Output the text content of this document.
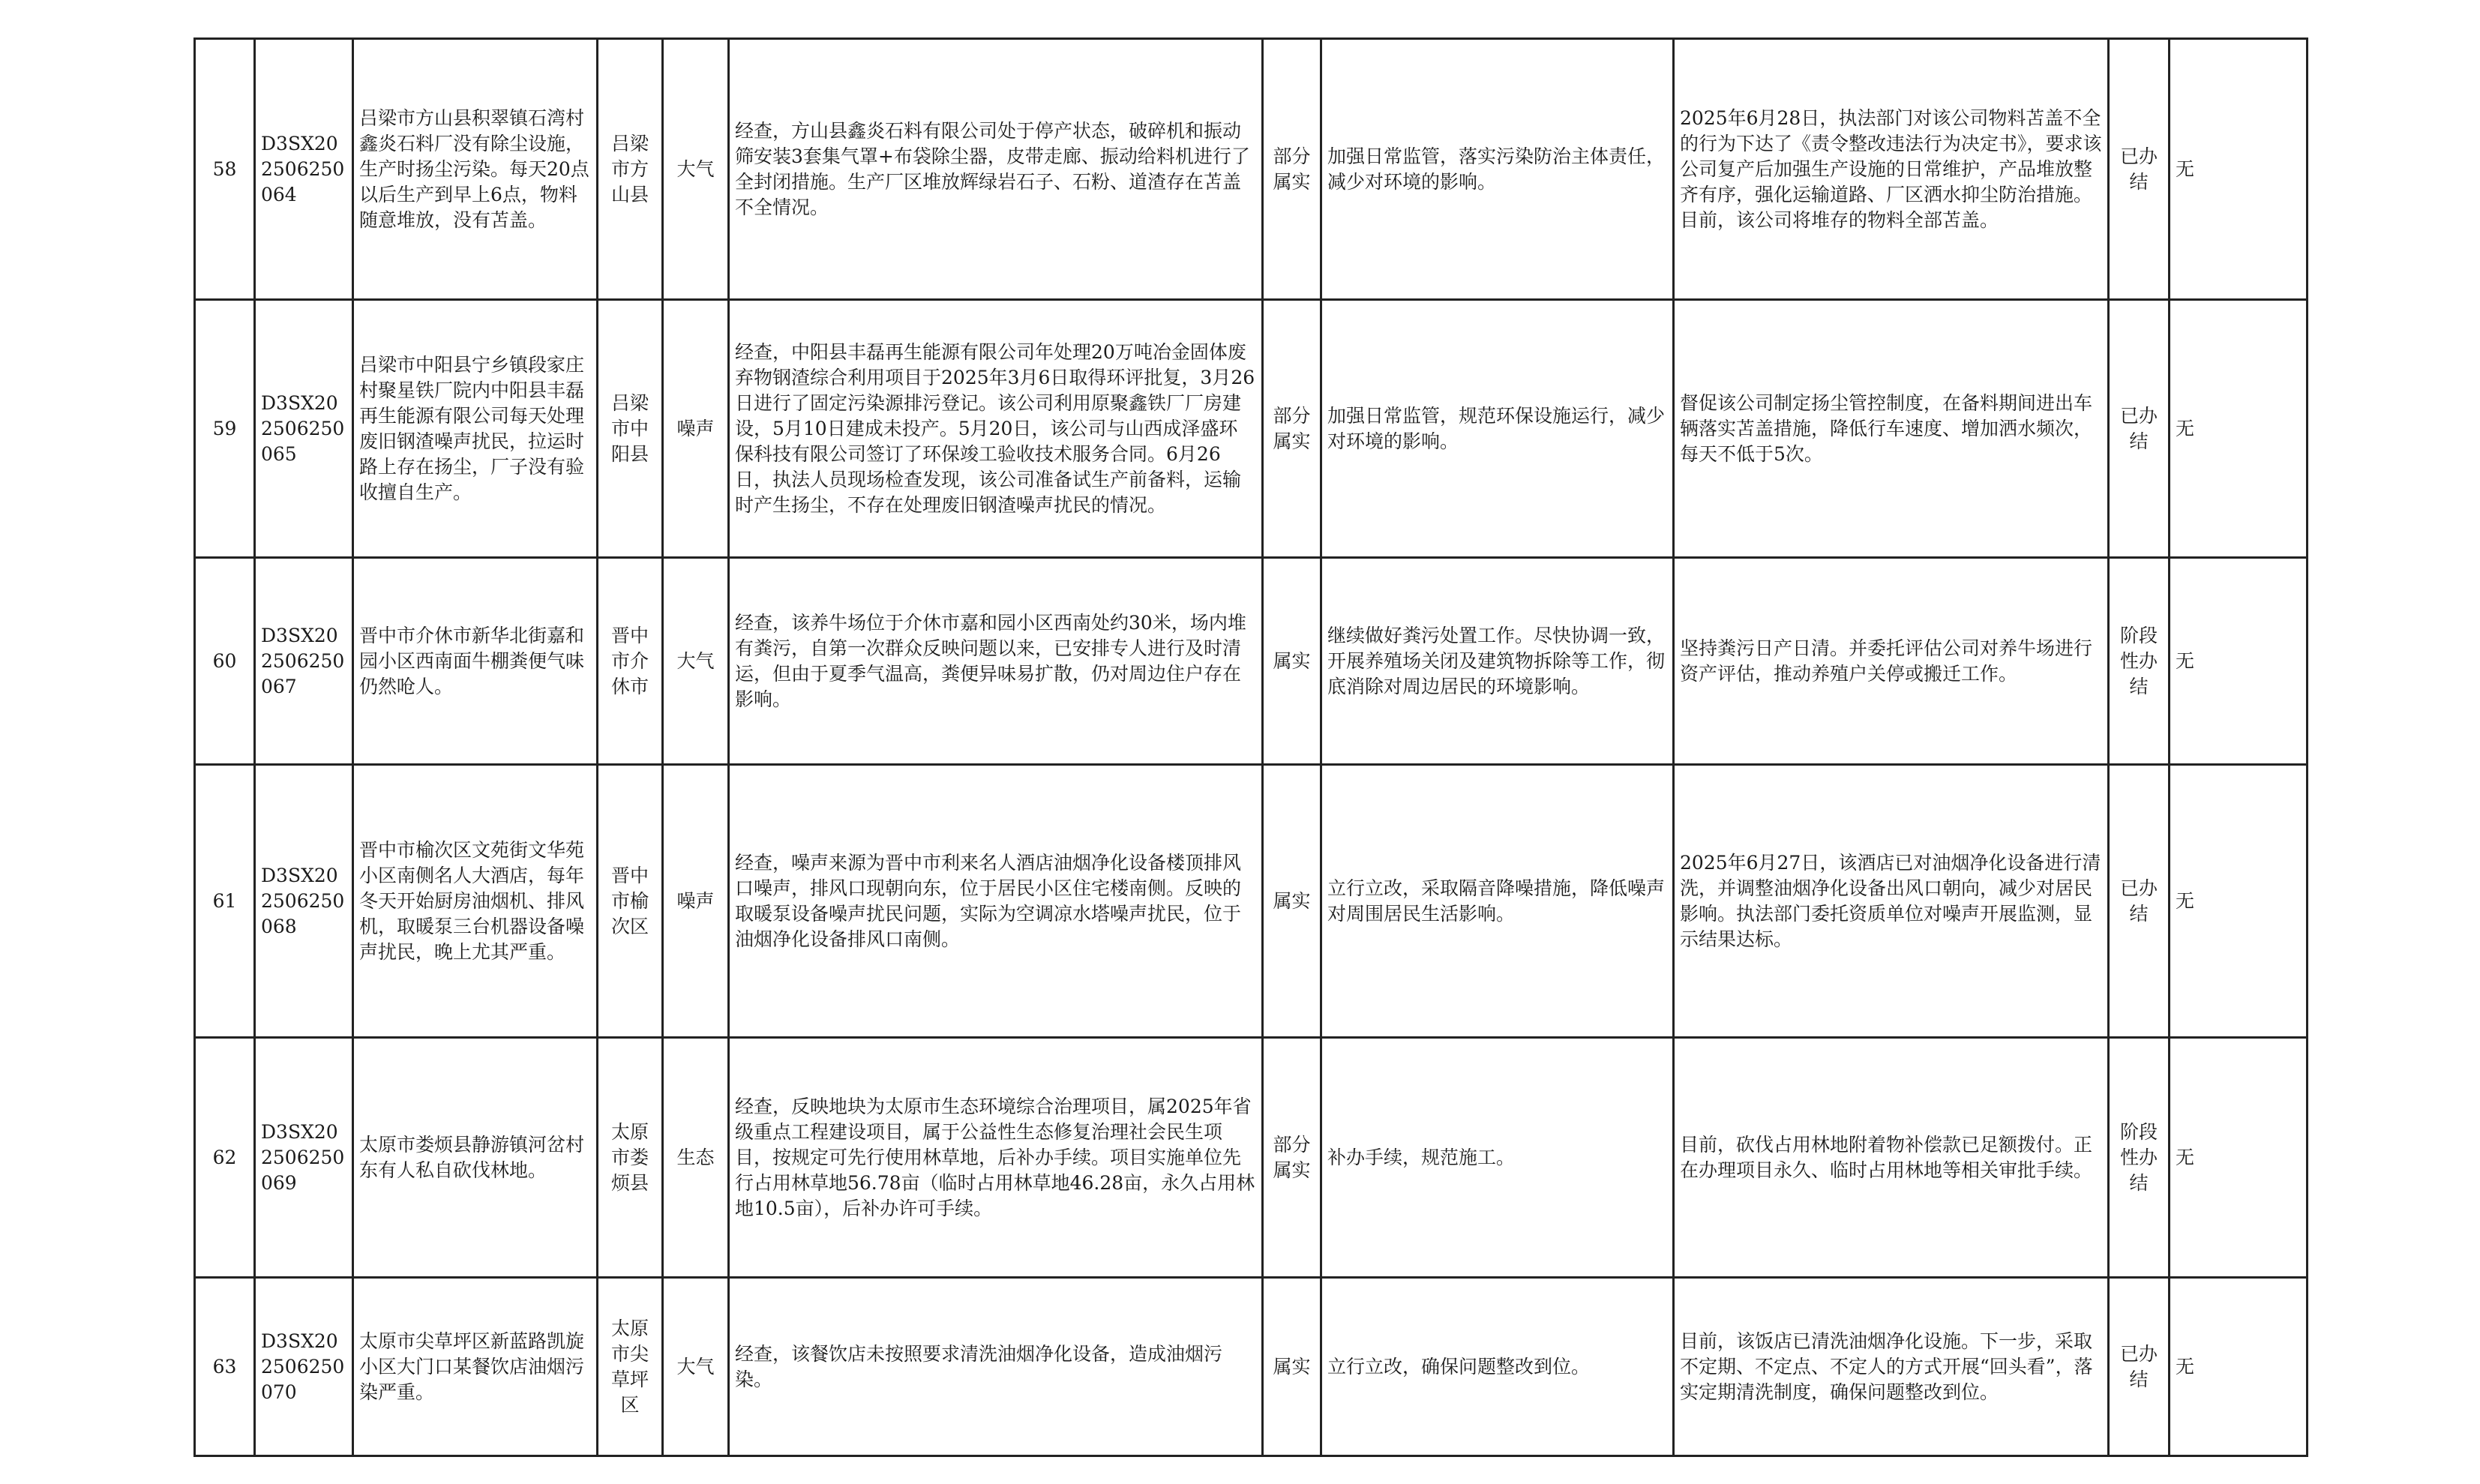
58	D3SX202506250064	吕梁市方山县积翠镇石湾村鑫炎石料厂没有除尘设施，生产时扬尘污染。每天20点以后生产到早上6点，物料随意堆放，没有苫盖。	吕梁市方山县	大气	经查，方山县鑫炎石料有限公司处于停产状态，破碎机和振动筛安装3套集气罩+布袋除尘器，皮带走廊、振动给料机进行了全封闭措施。生产厂区堆放辉绿岩石子、石粉、道渣存在苫盖不全情况。	部分属实	加强日常监管，落实污染防治主体责任，减少对环境的影响。	2025年6月28日，执法部门对该公司物料苫盖不全的行为下达了《责令整改违法行为决定书》，要求该公司复产后加强生产设施的日常维护，产品堆放整齐有序，强化运输道路、厂区洒水抑尘防治措施。目前，该公司将堆存的物料全部苫盖。	已办结	无
59	D3SX202506250065	吕梁市中阳县宁乡镇段家庄村聚星铁厂院内中阳县丰磊再生能源有限公司每天处理废旧钢渣噪声扰民，拉运时路上存在扬尘，厂子没有验收擅自生产。	吕梁市中阳县	噪声	经查，中阳县丰磊再生能源有限公司年处理20万吨冶金固体废弃物钢渣综合利用项目于2025年3月6日取得环评批复，3月26日进行了固定污染源排污登记。该公司利用原聚鑫铁厂厂房建设，5月10日建成未投产。5月20日，该公司与山西成泽盛环保科技有限公司签订了环保竣工验收技术服务合同。6月26日，执法人员现场检查发现，该公司准备试生产前备料，运输时产生扬尘，不存在处理废旧钢渣噪声扰民的情况。	部分属实	加强日常监管，规范环保设施运行，减少对环境的影响。	督促该公司制定扬尘管控制度，在备料期间进出车辆落实苫盖措施，降低行车速度、增加洒水频次，每天不低于5次。	已办结	无
60	D3SX202506250067	晋中市介休市新华北街嘉和园小区西南面牛棚粪便气味仍然呛人。	晋中市介休市	大气	经查，该养牛场位于介休市嘉和园小区西南处约30米，场内堆有粪污，自第一次群众反映问题以来，已安排专人进行及时清运，但由于夏季气温高，粪便异味易扩散，仍对周边住户存在影响。	属实	继续做好粪污处置工作。尽快协调一致，开展养殖场关闭及建筑物拆除等工作，彻底消除对周边居民的环境影响。	坚持粪污日产日清。并委托评估公司对养牛场进行资产评估，推动养殖户关停或搬迁工作。	阶段性办结	无
61	D3SX202506250068	晋中市榆次区文苑街文华苑小区南侧名人大酒店，每年冬天开始厨房油烟机、排风机，取暖泵三台机器设备噪声扰民，晚上尤其严重。	晋中市榆次区	噪声	经查，噪声来源为晋中市利来名人酒店油烟净化设备楼顶排风口噪声，排风口现朝向东，位于居民小区住宅楼南侧。反映的取暖泵设备噪声扰民问题，实际为空调凉水塔噪声扰民，位于油烟净化设备排风口南侧。	属实	立行立改，采取隔音降噪措施，降低噪声对周围居民生活影响。	2025年6月27日，该酒店已对油烟净化设备进行清洗，并调整油烟净化设备出风口朝向，减少对居民影响。执法部门委托资质单位对噪声开展监测，显示结果达标。	已办结	无
62	D3SX202506250069	太原市娄烦县静游镇河岔村东有人私自砍伐林地。	太原市娄烦县	生态	经查，反映地块为太原市生态环境综合治理项目，属2025年省级重点工程建设项目，属于公益性生态修复治理社会民生项目，按规定可先行使用林草地，后补办手续。项目实施单位先行占用林草地56.78亩（临时占用林草地46.28亩，永久占用林地10.5亩），后补办许可手续。	部分属实	补办手续，规范施工。	目前，砍伐占用林地附着物补偿款已足额拨付。正在办理项目永久、临时占用林地等相关审批手续。	阶段性办结	无
63	D3SX202506250070	太原市尖草坪区新蓝路凯旋小区大门口某餐饮店油烟污染严重。	太原市尖草坪区	大气	经查，该餐饮店未按照要求清洗油烟净化设备，造成油烟污染。	属实	立行立改，确保问题整改到位。	目前，该饭店已清洗油烟净化设施。下一步，采取不定期、不定点、不定人的方式开展“回头看”，落实定期清洗制度，确保问题整改到位。	已办结	无
